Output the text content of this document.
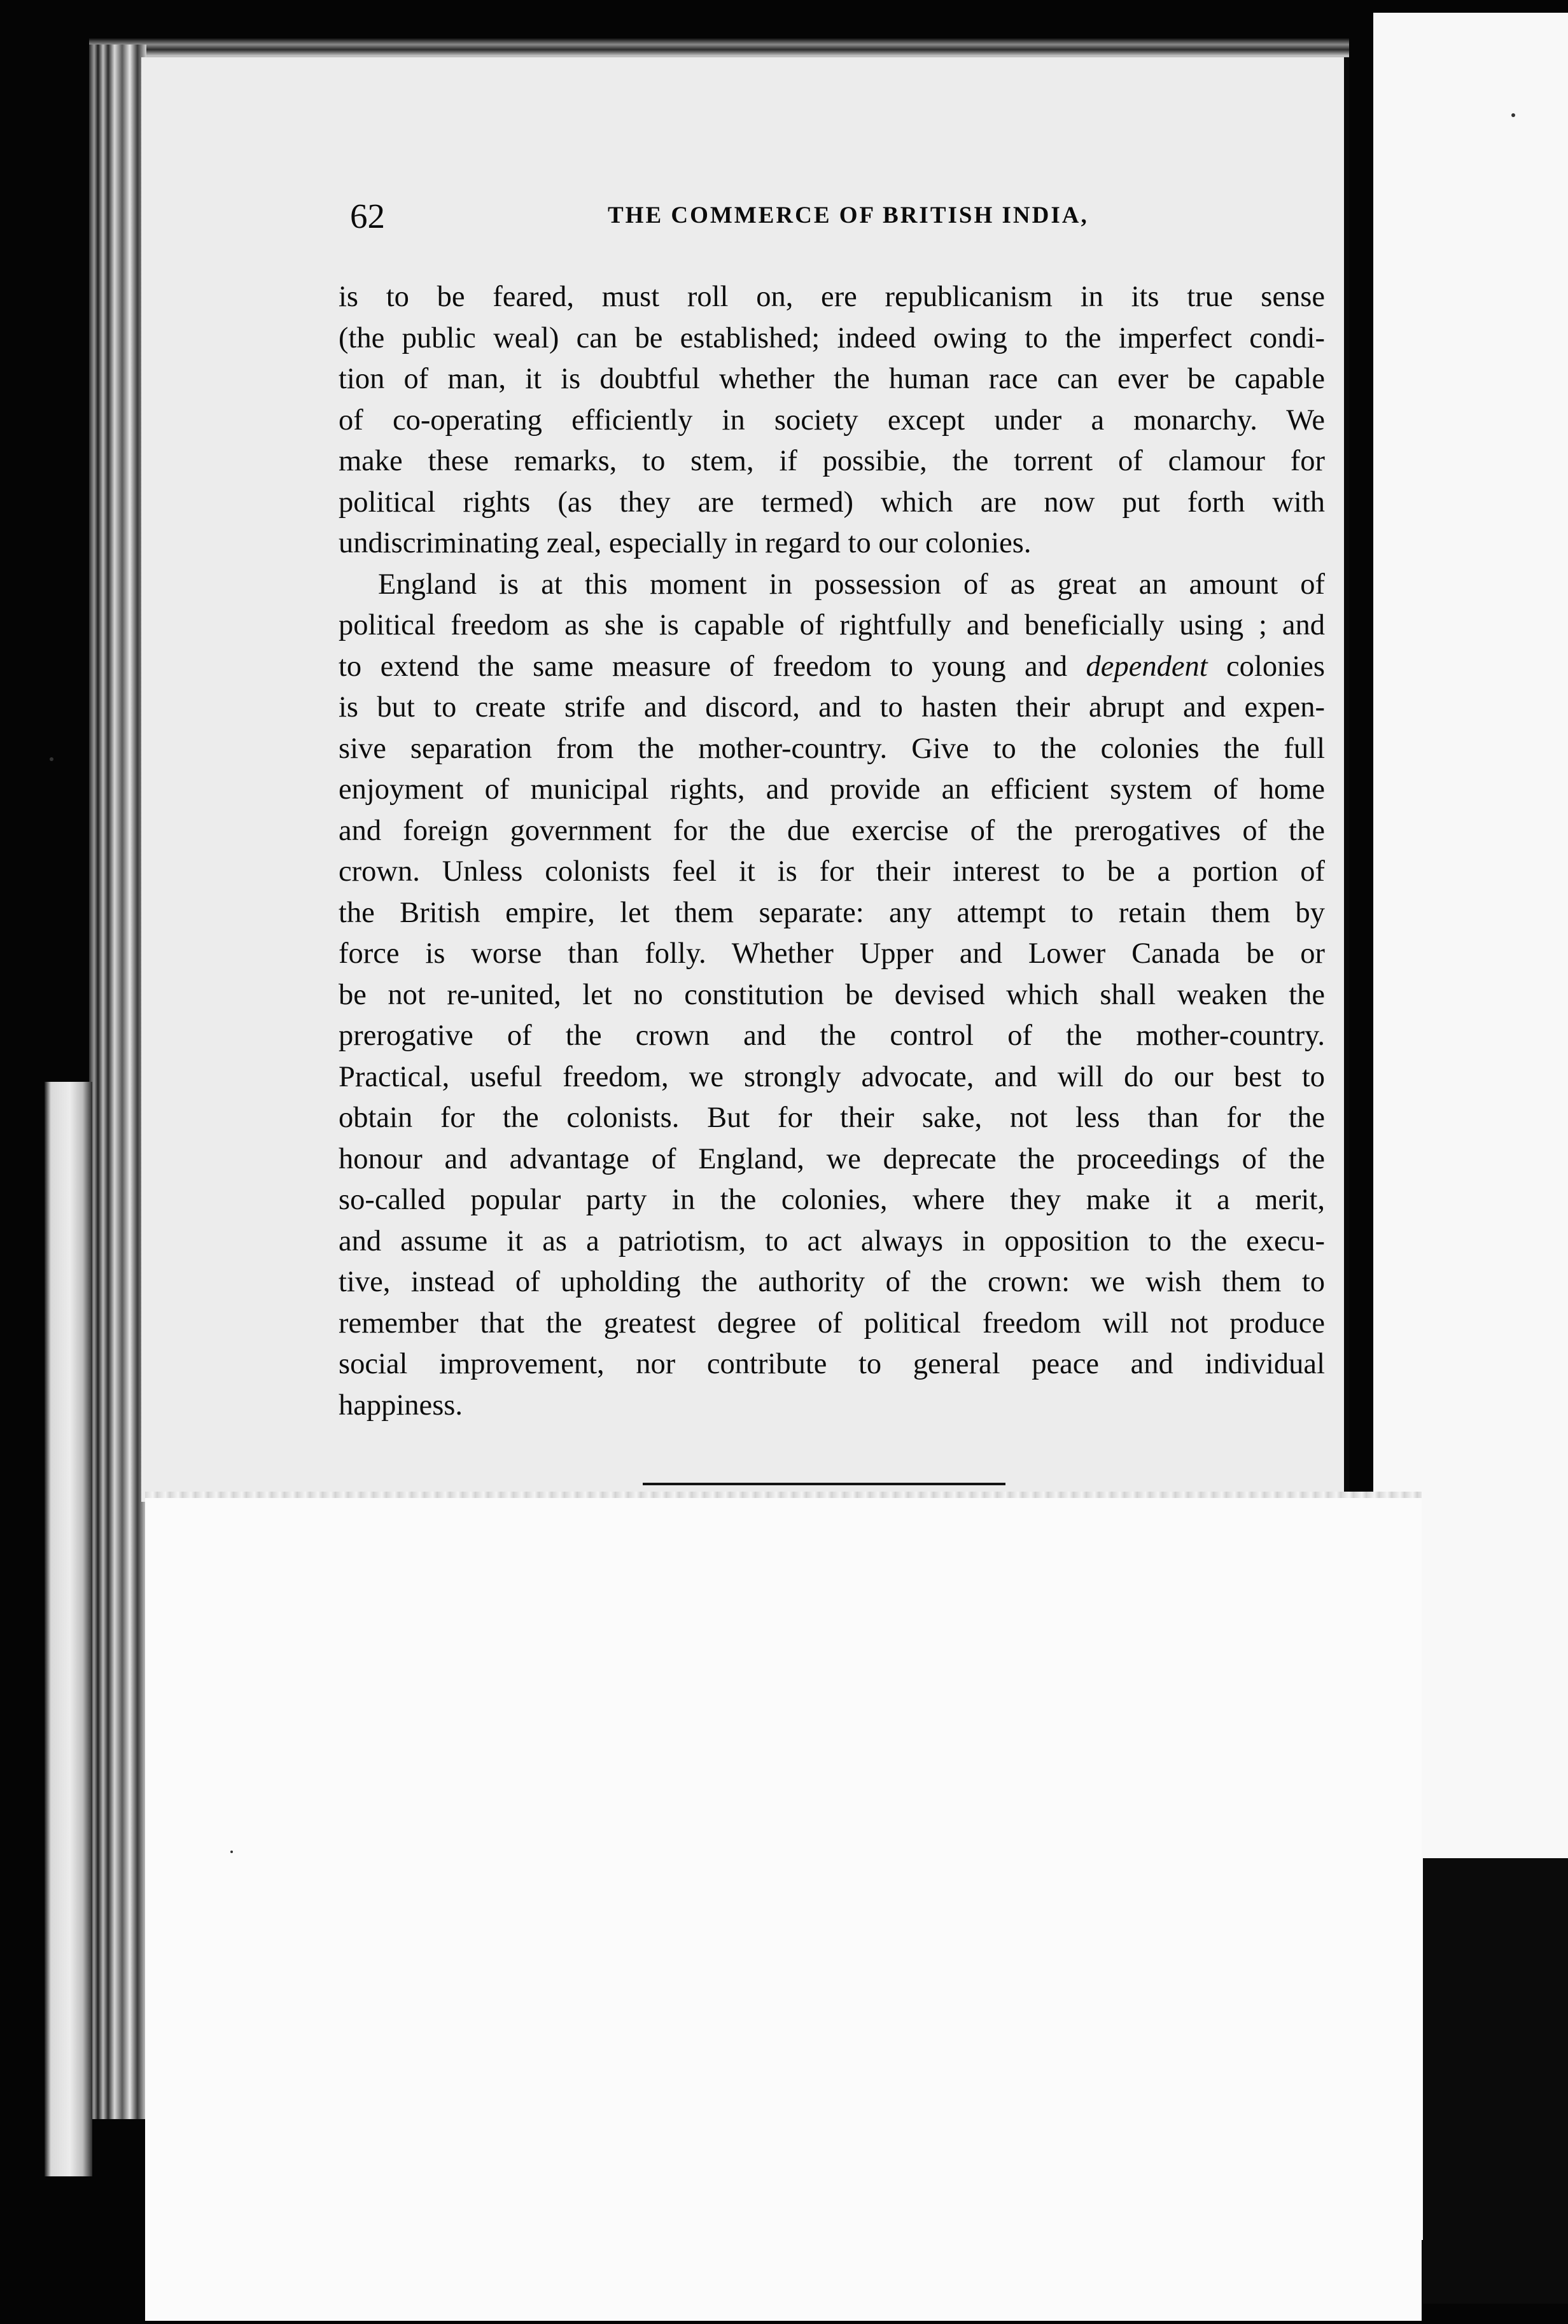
62	THE COMMERCE OF BRITISH INDIA,

is to be feared, must roll on, ere republicanism in its true sense
(the public weal) can be established; indeed owing to the imperfect condi-
tion of man, it is doubtful whether the human race can ever be capable
of co-operating efficiently in society except under a monarchy. We
make these remarks, to stem, if possibie, the torrent of clamour for
political rights (as they are termed) which are now put forth with
undiscriminating zeal, especially in regard to our colonies.

England is at this moment in possession of as great an amount of
political freedom as she is capable of rightfully and beneficially using ; and
to extend the same measure of freedom to young and dependent colonies
is but to create strife and discord, and to hasten their abrupt and expen-
sive separation from the mother-country. Give to the colonies the full
enjoyment of municipal rights, and provide an efficient system of home
and foreign government for the due exercise of the prerogatives of the
crown. Unless colonists feel it is for their interest to be a portion of
the British empire, let them separate: any attempt to retain them by
force is worse than folly. Whether Upper and Lower Canada be or
be not re-united, let no constitution be devised which shall weaken the
prerogative of the crown and the control of the mother-country.
Practical, useful freedom, we strongly advocate, and will do our best to
obtain for the colonists. But for their sake, not less than for the
honour and advantage of England, we deprecate the proceedings of the
so-called popular party in the colonies, where they make it a merit,
and assume it as a patriotism, to act always in opposition to the execu-
tive, instead of upholding the authority of the crown: we wish them to
remember that the greatest degree of political freedom will not produce
social improvement, nor contribute to general peace and individual
happiness.
